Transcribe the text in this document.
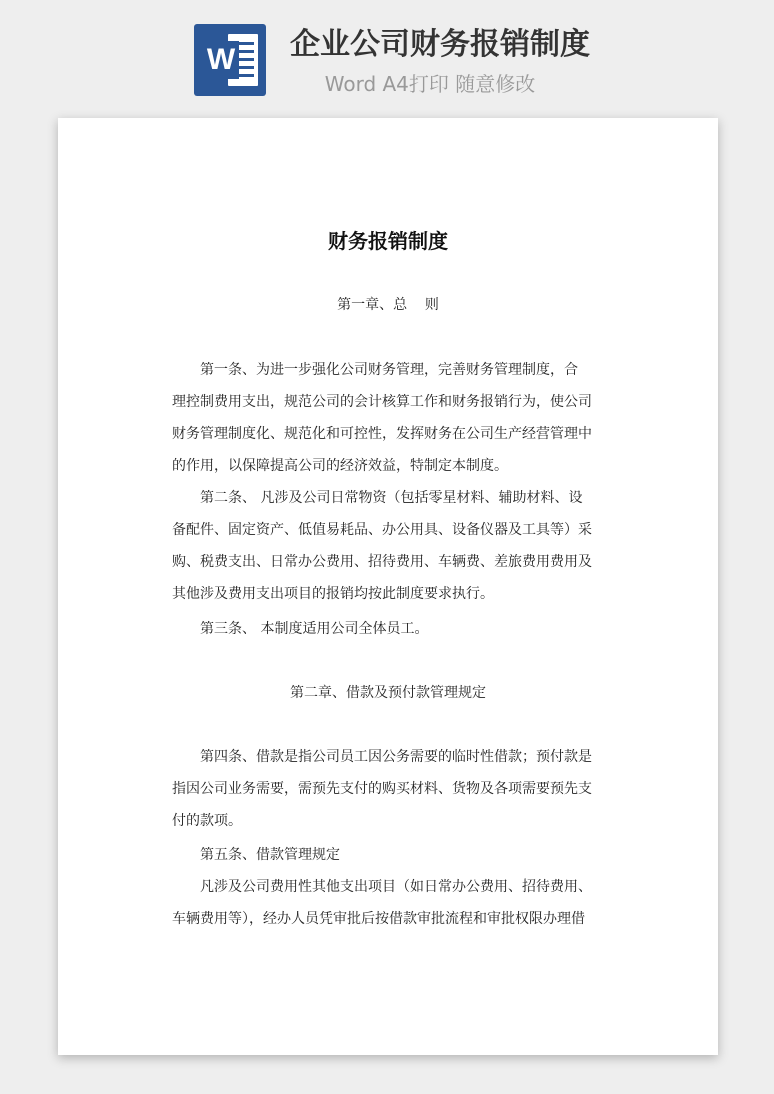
W 企业公司财务报销制度
Word A4打印 随意修改
财务报销制度
第一章、总    则
　　第一条、为进一步强化公司财务管理，完善财务管理制度，合
理控制费用支出，规范公司的会计核算工作和财务报销行为，使公司
财务管理制度化、规范化和可控性，发挥财务在公司生产经营管理中
的作用，以保障提高公司的经济效益，特制定本制度。
　　第二条、 凡涉及公司日常物资（包括零星材料、辅助材料、设
备配件、固定资产、低值易耗品、办公用具、设备仪器及工具等）采
购、税费支出、日常办公费用、招待费用、车辆费、差旅费用费用及
其他涉及费用支出项目的报销均按此制度要求执行。
　　第三条、 本制度适用公司全体员工。
第二章、借款及预付款管理规定
　　第四条、借款是指公司员工因公务需要的临时性借款；预付款是
指因公司业务需要，需预先支付的购买材料、货物及各项需要预先支
付的款项。
　　第五条、借款管理规定
　　凡涉及公司费用性其他支出项目（如日常办公费用、招待费用、
车辆费用等），经办人员凭审批后按借款审批流程和审批权限办理借
